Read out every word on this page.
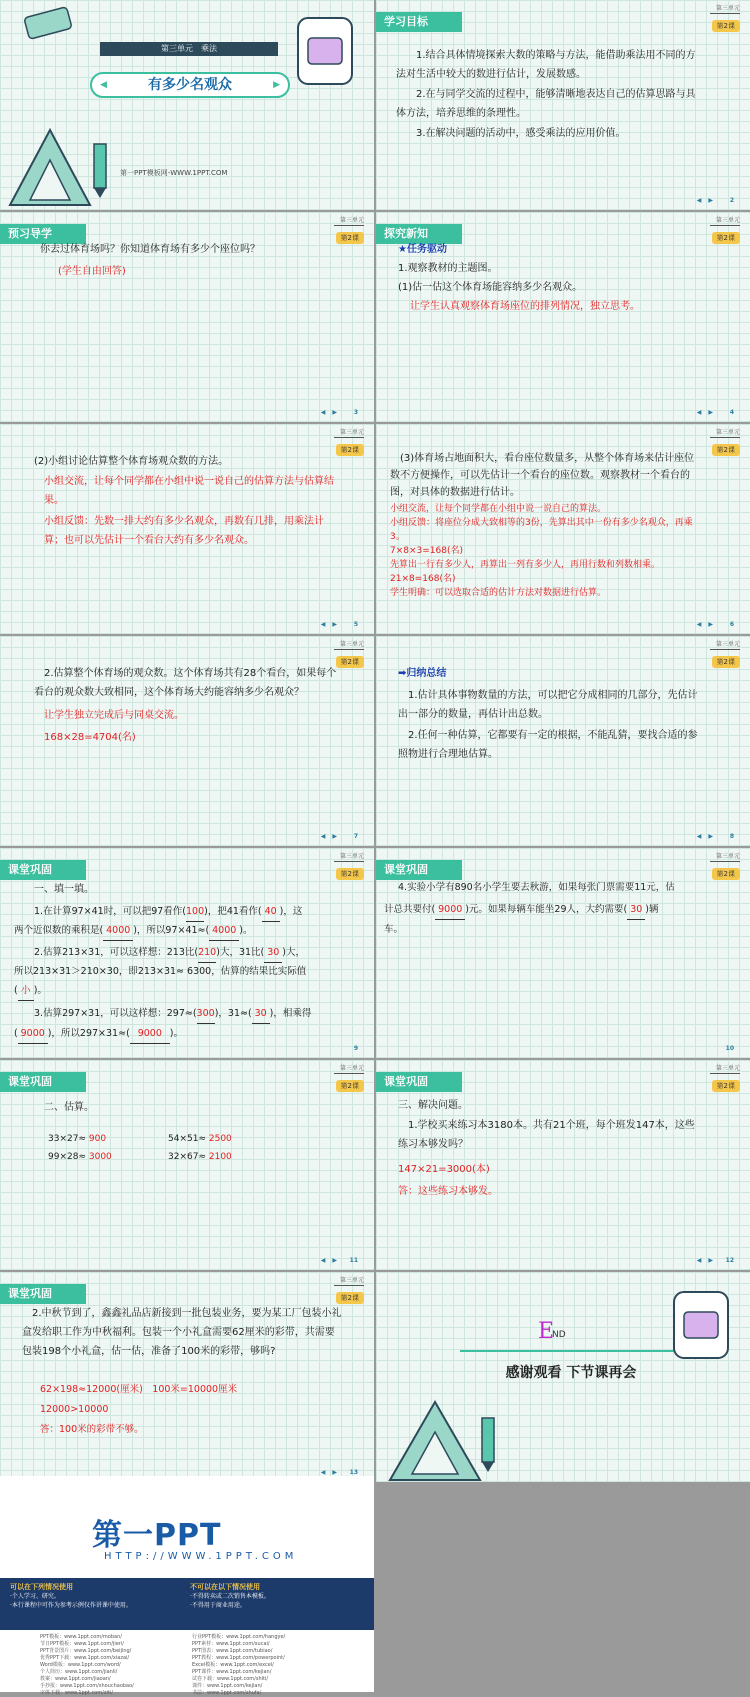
第三单元　乘法
◀	有多少名观众	▶
第一PPT模板网-WWW.1PPT.COM
学习目标
第三单元
第2课
1.结合具体情境探索大数的策略与方法，能借助乘法用不同的方法对生活中较大的数进行估计，发展数感。
2.在与同学交流的过程中，能够清晰地表达自己的估算思路与具体方法，培养思维的条理性。
3.在解决问题的活动中，感受乘法的应用价值。
◀▶ 2
预习导学
第三单元
第2课
你去过体育场吗？你知道体育场有多少个座位吗？
(学生自由回答)
◀▶ 3
探究新知
第三单元
第2课
★任务驱动
1.观察教材的主题图。
(1)估一估这个体育场能容纳多少名观众。
让学生认真观察体育场座位的排列情况，独立思考。
◀▶ 4
第三单元
第2课
(2)小组讨论估算整个体育场观众数的方法。
小组交流，让每个同学都在小组中说一说自己的估算方法与估算结果。
小组反馈：先数一排大约有多少名观众，再数有几排，用乘法计算；也可以先估计一个看台大约有多少名观众。
◀▶ 5
第三单元
第2课
(3)体育场占地面积大，看台座位数量多，从整个体育场来估计座位数不方便操作，可以先估计一个看台的座位数。观察教材一个看台的图，对具体的数据进行估计。
小组交流，让每个同学都在小组中说一说自己的算法。
小组反馈：将座位分成大致相等的3份，先算出其中一份有多少名观众，再乘3。
7×8×3=168(名)
先算出一行有多少人，再算出一列有多少人，再用行数和列数相乘。
21×8=168(名)
学生明确：可以选取合适的估计方法对数据进行估算。
◀▶ 6
第三单元
第2课
2.估算整个体育场的观众数。这个体育场共有28个看台，如果每个看台的观众数大致相同，这个体育场大约能容纳多少名观众？
让学生独立完成后与同桌交流。
168×28=4704(名)
◀▶ 7
第三单元
第2课
➡归纳总结
1.估计具体事物数量的方法，可以把它分成相同的几部分，先估计出一部分的数量，再估计出总数。
2.任何一种估算，它都要有一定的根据，不能乱猜，要找合适的参照物进行合理地估算。
◀▶ 8
课堂巩固
第三单元
第2课
一、填一填。
1.在计算97×41时，可以把97看作(100)，把41看作( 40 )，这
两个近似数的乘积是( 4000 )，所以97×41≈( 4000 )。
2.估算213×31，可以这样想：213比(210)大，31比( 30 )大，
所以213×31＞210×30，即213×31≈ 6300，估算的结果比实际值
( 小 )。
3.估算297×31，可以这样想：297≈(300)，31≈( 30 )，相乘得
( 9000 )，所以297×31≈( 9000 )。
9
课堂巩固
第三单元
第2课
4.实验小学有890名小学生要去秋游，如果每张门票需要11元，估
计总共要付( 9000 )元。如果每辆车能坐29人，大约需要( 30 )辆
车。
10
课堂巩固
第三单元
第2课
二、估算。
33×27≈ 900	54×51≈ 2500
99×28≈ 3000	32×67≈ 2100
◀▶ 11
课堂巩固
第三单元
第2课
三、解决问题。
1.学校买来练习本3180本。共有21个班，每个班发147本，这些练习本够发吗？
147×21=3000(本)
答：这些练习本够发。
◀▶ 12
课堂巩固
第三单元
第2课
2.中秋节到了，鑫鑫礼品店新接到一批包装业务，要为某工厂包装小礼盒发给职工作为中秋福利。包装一个小礼盒需要62厘米的彩带，共需要包装198个小礼盒，估一估，准备了100米的彩带，够吗?
62×198≈12000(厘米)　100米=10000厘米
12000>10000
答：100米的彩带不够。
◀▶ 13
E
ND
感谢观看 下节课再会
第一PPT
HTTP://WWW.1PPT.COM
可以在下列情况使用
·个人学习、研究。
·本行课程中可作为参考示例仅作讲课中使用。
不可以在以下情况使用
·不得转卖或二次销售本模板。
·不得用于商业用途。
PPT模板：www.1ppt.com/moban/
节日PPT模板：www.1ppt.com/jieri/
PPT背景图片：www.1ppt.com/beijing/
优秀PPT下载：www.1ppt.com/xiazai/
Word模板：www.1ppt.com/word/
个人简历：www.1ppt.com/jianli/
教案：www.1ppt.com/jiaoan/
手抄报：www.1ppt.com/shouchaobao/
字体下载：www.1ppt.com/ziti/
行业PPT模板：www.1ppt.com/hangye/
PPT素材：www.1ppt.com/sucai/
PPT图表：www.1ppt.com/tubiao/
PPT教程：www.1ppt.com/powerpoint/
Excel模板：www.1ppt.com/excel/
PPT课件：www.1ppt.com/kejian/
试卷下载：www.1ppt.com/shiti/
课件：www.1ppt.com/kejian/
书法：www.1ppt.com/shufa/
